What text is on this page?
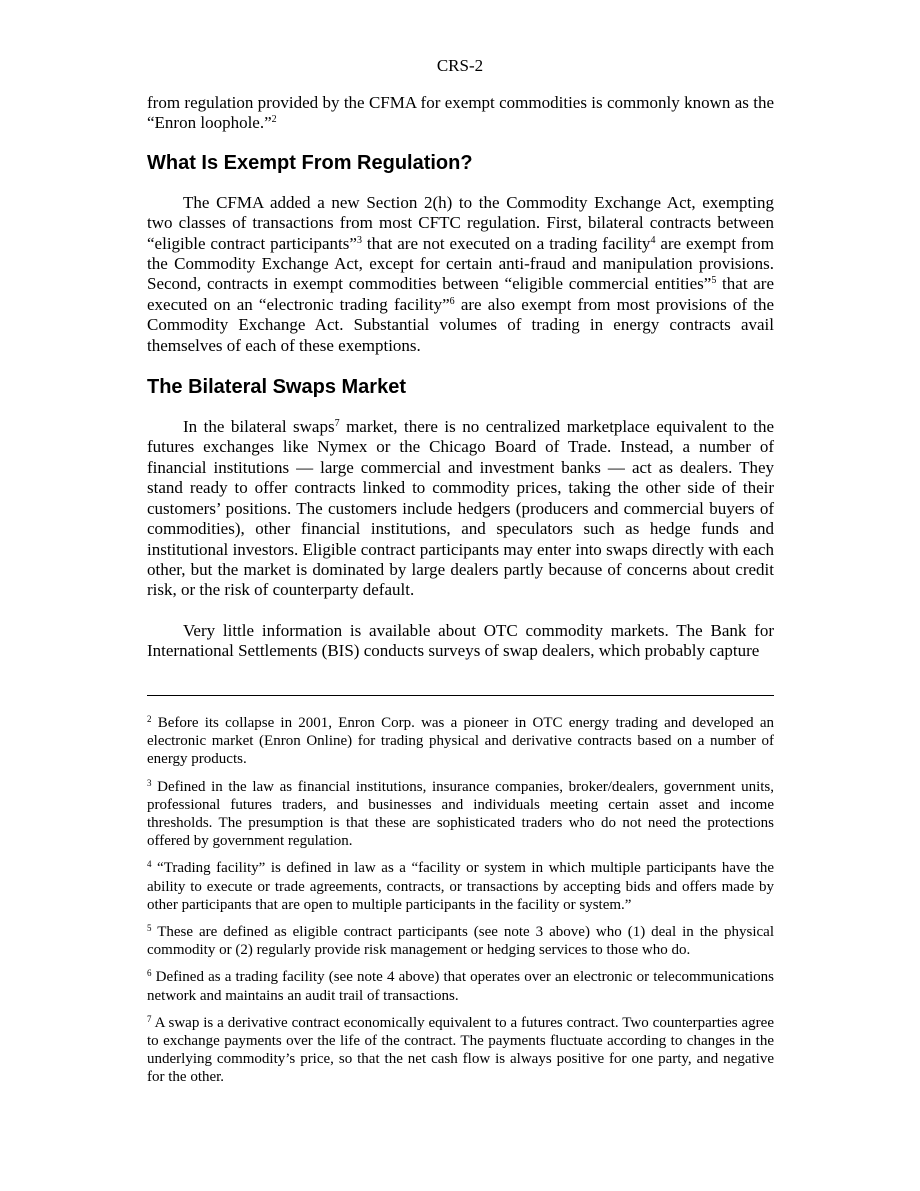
CRS-2

from regulation provided by the CFMA for exempt commodities is commonly known as the “Enron loophole.”$^2$

What Is Exempt From Regulation?

The CFMA added a new Section 2(h) to the Commodity Exchange Act, exempting two classes of transactions from most CFTC regulation. First, bilateral contracts between “eligible contract participants”$^3$ that are not executed on a trading facility$^4$ are exempt from the Commodity Exchange Act, except for certain anti-fraud and manipulation provisions. Second, contracts in exempt commodities between “eligible commercial entities”$^5$ that are executed on an “electronic trading facility”$^6$ are also exempt from most provisions of the Commodity Exchange Act. Substantial volumes of trading in energy contracts avail themselves of each of these exemptions.

The Bilateral Swaps Market

In the bilateral swaps$^7$ market, there is no centralized marketplace equivalent to the futures exchanges like Nymex or the Chicago Board of Trade. Instead, a number of financial institutions — large commercial and investment banks — act as dealers. They stand ready to offer contracts linked to commodity prices, taking the other side of their customers’ positions. The customers include hedgers (producers and commercial buyers of commodities), other financial institutions, and speculators such as hedge funds and institutional investors. Eligible contract participants may enter into swaps directly with each other, but the market is dominated by large dealers partly because of concerns about credit risk, or the risk of counterparty default.

Very little information is available about OTC commodity markets. The Bank for International Settlements (BIS) conducts surveys of swap dealers, which probably capture

$^2$ Before its collapse in 2001, Enron Corp. was a pioneer in OTC energy trading and developed an electronic market (Enron Online) for trading physical and derivative contracts based on a number of energy products.

$^3$ Defined in the law as financial institutions, insurance companies, broker/dealers, government units, professional futures traders, and businesses and individuals meeting certain asset and income thresholds. The presumption is that these are sophisticated traders who do not need the protections offered by government regulation.

$^4$ “Trading facility” is defined in law as a “facility or system in which multiple participants have the ability to execute or trade agreements, contracts, or transactions by accepting bids and offers made by other participants that are open to multiple participants in the facility or system.”

$^5$ These are defined as eligible contract participants (see note 3 above) who (1) deal in the physical commodity or (2) regularly provide risk management or hedging services to those who do.

$^6$ Defined as a trading facility (see note 4 above) that operates over an electronic or telecommunications network and maintains an audit trail of transactions.

$^7$ A swap is a derivative contract economically equivalent to a futures contract. Two counterparties agree to exchange payments over the life of the contract. The payments fluctuate according to changes in the underlying commodity’s price, so that the net cash flow is always positive for one party, and negative for the other.
